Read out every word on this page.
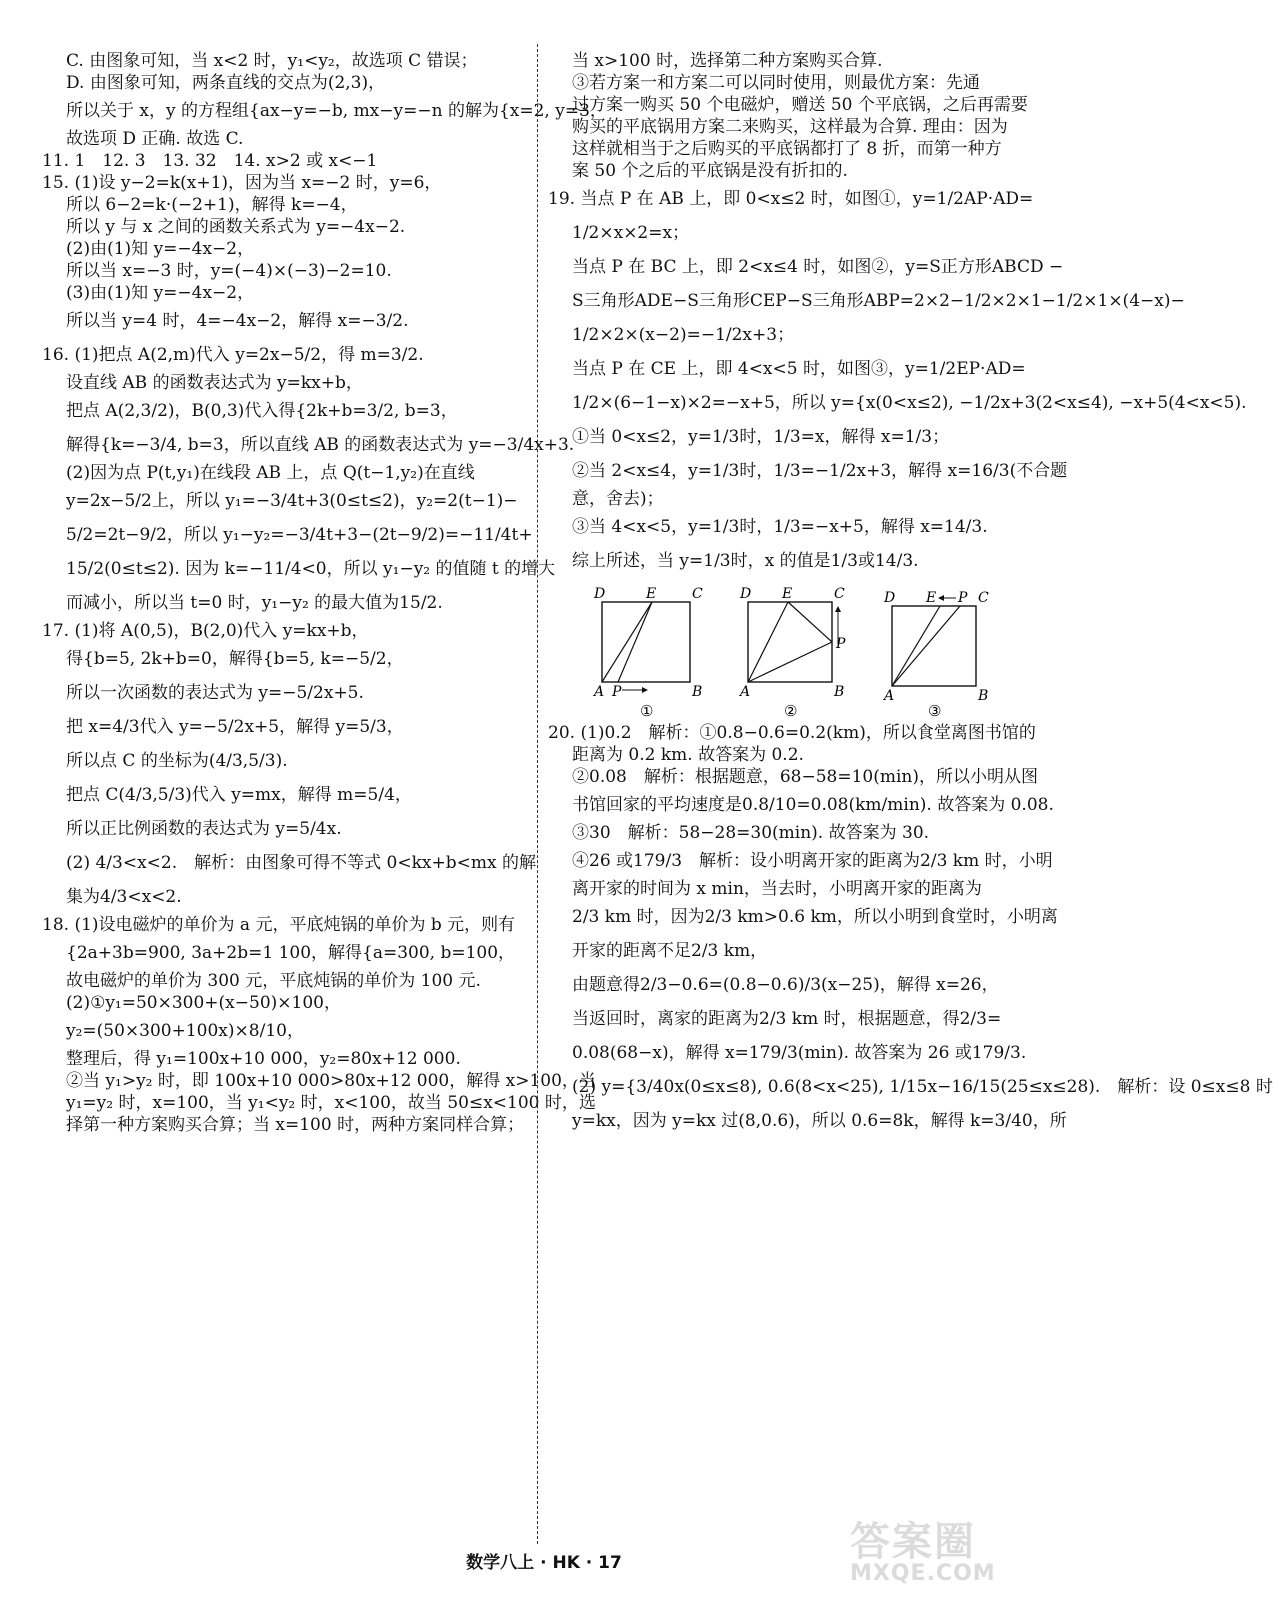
C. 由图象可知，当 x<2 时，y₁<y₂，故选项 C 错误；

D. 由图象可知，两条直线的交点为(2,3)，

所以关于 x，y 的方程组{ax−y=−b, mx−y=−n 的解为{x=2, y=3，

故选项 D 正确. 故选 C.

11. 1　12. 3　13. 32　14. x>2 或 x<−1

15. (1)设 y−2=k(x+1)，因为当 x=−2 时，y=6，

所以 6−2=k·(−2+1)，解得 k=−4，

所以 y 与 x 之间的函数关系式为 y=−4x−2.

(2)由(1)知 y=−4x−2，

所以当 x=−3 时，y=(−4)×(−3)−2=10.

(3)由(1)知 y=−4x−2，

所以当 y=4 时，4=−4x−2，解得 x=−3/2.

16. (1)把点 A(2,m)代入 y=2x−5/2，得 m=3/2.

设直线 AB 的函数表达式为 y=kx+b，

把点 A(2,3/2)，B(0,3)代入得{2k+b=3/2, b=3，

解得{k=−3/4, b=3，所以直线 AB 的函数表达式为 y=−3/4x+3.

(2)因为点 P(t,y₁)在线段 AB 上，点 Q(t−1,y₂)在直线

y=2x−5/2上，所以 y₁=−3/4t+3(0≤t≤2)，y₂=2(t−1)−

5/2=2t−9/2，所以 y₁−y₂=−3/4t+3−(2t−9/2)=−11/4t+

15/2(0≤t≤2). 因为 k=−11/4<0，所以 y₁−y₂ 的值随 t 的增大

而减小，所以当 t=0 时，y₁−y₂ 的最大值为15/2.

17. (1)将 A(0,5)，B(2,0)代入 y=kx+b，

得{b=5, 2k+b=0，解得{b=5, k=−5/2，

所以一次函数的表达式为 y=−5/2x+5.

把 x=4/3代入 y=−5/2x+5，解得 y=5/3，

所以点 C 的坐标为(4/3,5/3).

把点 C(4/3,5/3)代入 y=mx，解得 m=5/4，

所以正比例函数的表达式为 y=5/4x.

(2) 4/3<x<2.　解析：由图象可得不等式 0<kx+b<mx 的解

集为4/3<x<2.

18. (1)设电磁炉的单价为 a 元，平底炖锅的单价为 b 元，则有

{2a+3b=900, 3a+2b=1 100，解得{a=300, b=100，

故电磁炉的单价为 300 元，平底炖锅的单价为 100 元.

(2)①y₁=50×300+(x−50)×100，

y₂=(50×300+100x)×8/10，

整理后，得 y₁=100x+10 000，y₂=80x+12 000.

②当 y₁>y₂ 时，即 100x+10 000>80x+12 000，解得 x>100，当

y₁=y₂ 时，x=100，当 y₁<y₂ 时，x<100，故当 50≤x<100 时，选

择第一种方案购买合算；当 x=100 时，两种方案同样合算；

当 x>100 时，选择第二种方案购买合算.

③若方案一和方案二可以同时使用，则最优方案：先通

过方案一购买 50 个电磁炉，赠送 50 个平底锅，之后再需要

购买的平底锅用方案二来购买，这样最为合算. 理由：因为

这样就相当于之后购买的平底锅都打了 8 折，而第一种方

案 50 个之后的平底锅是没有折扣的.

19. 当点 P 在 AB 上，即 0<x≤2 时，如图①，y=1/2AP·AD=

1/2×x×2=x；

当点 P 在 BC 上，即 2<x≤4 时，如图②，y=S正方形ABCD −

S三角形ADE−S三角形CEP−S三角形ABP=2×2−1/2×2×1−1/2×1×(4−x)−

1/2×2×(x−2)=−1/2x+3；

当点 P 在 CE 上，即 4<x<5 时，如图③，y=1/2EP·AD=

1/2×(6−1−x)×2=−x+5，所以 y={x(0<x≤2), −1/2x+3(2<x≤4), −x+5(4<x<5).

①当 0<x≤2，y=1/3时，1/3=x，解得 x=1/3；

②当 2<x≤4，y=1/3时，1/3=−1/2x+3，解得 x=16/3(不合题

意，舍去)；

③当 4<x<5，y=1/3时，1/3=−x+5，解得 x=14/3.

综上所述，当 y=1/3时，x 的值是1/3或14/3.

D	E	C
A P	B
①
D E	C
A
P
B
②
D E P C
A	B
③

20. (1)0.2　解析：①0.8−0.6=0.2(km)，所以食堂离图书馆的

距离为 0.2 km. 故答案为 0.2.

②0.08　解析：根据题意，68−58=10(min)，所以小明从图

书馆回家的平均速度是0.8/10=0.08(km/min). 故答案为 0.08.

③30　解析：58−28=30(min). 故答案为 30.

④26 或179/3　解析：设小明离开家的距离为2/3 km 时，小明

离开家的时间为 x min，当去时，小明离开家的距离为

2/3 km 时，因为2/3 km>0.6 km，所以小明到食堂时，小明离

开家的距离不足2/3 km，

由题意得2/3−0.6=(0.8−0.6)/3(x−25)，解得 x=26，

当返回时，离家的距离为2/3 km 时，根据题意，得2/3=

0.08(68−x)，解得 x=179/3(min). 故答案为 26 或179/3.

(2) y={3/40x(0≤x≤8), 0.6(8<x<25), 1/15x−16/15(25≤x≤28).　解析：设 0≤x≤8 时

y=kx，因为 y=kx 过(8,0.6)，所以 0.6=8k，解得 k=3/40，所

数学八上 · HK · 17	答案圈
MXQE.COM
